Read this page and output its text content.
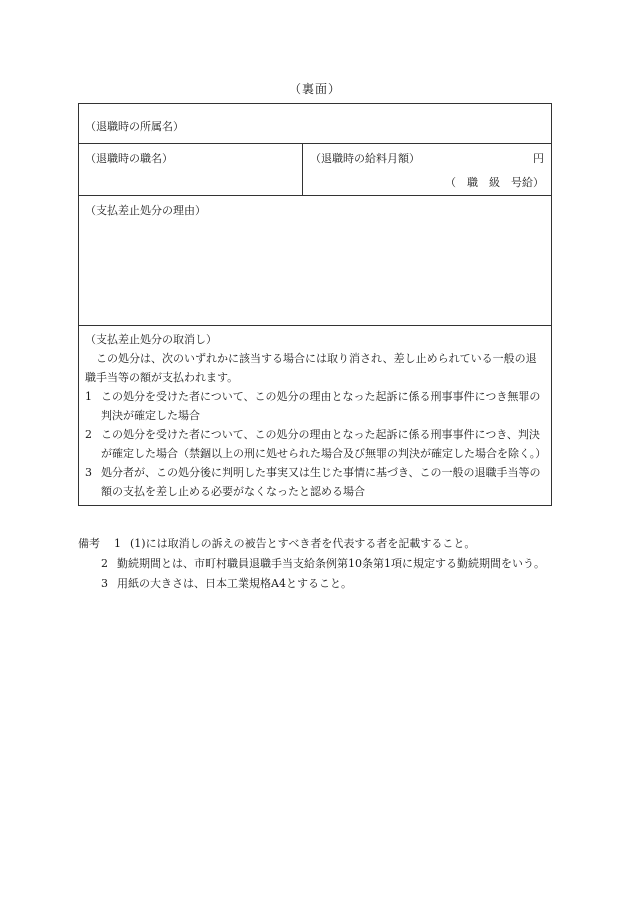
（裏面）
（退職時の所属名）
（退職時の職名）	（退職時の給料月額）	円
（　職　級　号給）
（支払差止処分の理由）
（支払差止処分の取消し）
この処分は、次のいずれかに該当する場合には取り消され、差し止められている一般の退職手当等の額が支払われます。
1 この処分を受けた者について、この処分の理由となった起訴に係る刑事事件につき無罪の判決が確定した場合
2 この処分を受けた者について、この処分の理由となった起訴に係る刑事事件につき、判決が確定した場合（禁錮以上の刑に処せられた場合及び無罪の判決が確定した場合を除く。）
3 処分者が、この処分後に判明した事実又は生じた事情に基づき、この一般の退職手当等の額の支払を差し止める必要がなくなったと認める場合
備考	1 (1)には取消しの訴えの被告とすべき者を代表する者を記載すること。
2 勤続期間とは、市町村職員退職手当支給条例第10条第1項に規定する勤続期間をいう。
3 用紙の大きさは、日本工業規格A4とすること。
